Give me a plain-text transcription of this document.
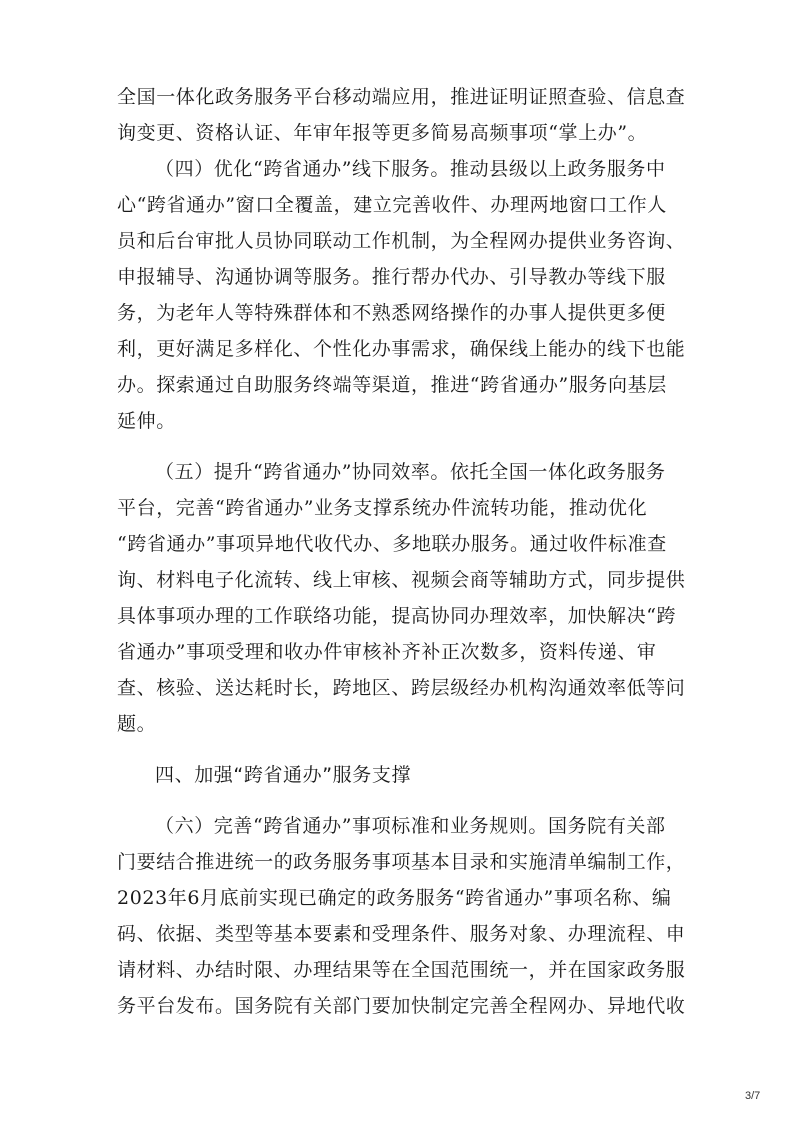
全国一体化政务服务平台移动端应用，推进证明证照查验、信息查
询变更、资格认证、年审年报等更多简易高频事项“掌上办”。
（四）优化“跨省通办”线下服务。推动县级以上政务服务中
心“跨省通办”窗口全覆盖，建立完善收件、办理两地窗口工作人
员和后台审批人员协同联动工作机制，为全程网办提供业务咨询、
申报辅导、沟通协调等服务。推行帮办代办、引导教办等线下服
务，为老年人等特殊群体和不熟悉网络操作的办事人提供更多便
利，更好满足多样化、个性化办事需求，确保线上能办的线下也能
办。探索通过自助服务终端等渠道，推进“跨省通办”服务向基层
延伸。
（五）提升“跨省通办”协同效率。依托全国一体化政务服务
平台，完善“跨省通办”业务支撑系统办件流转功能，推动优化
“跨省通办”事项异地代收代办、多地联办服务。通过收件标准查
询、材料电子化流转、线上审核、视频会商等辅助方式，同步提供
具体事项办理的工作联络功能，提高协同办理效率，加快解决“跨
省通办”事项受理和收办件审核补齐补正次数多，资料传递、审
查、核验、送达耗时长，跨地区、跨层级经办机构沟通效率低等问
题。
四、加强“跨省通办”服务支撑
（六）完善“跨省通办”事项标准和业务规则。国务院有关部
门要结合推进统一的政务服务事项基本目录和实施清单编制工作，
2023年6月底前实现已确定的政务服务“跨省通办”事项名称、编
码、依据、类型等基本要素和受理条件、服务对象、办理流程、申
请材料、办结时限、办理结果等在全国范围统一，并在国家政务服
务平台发布。国务院有关部门要加快制定完善全程网办、异地代收
3/7
